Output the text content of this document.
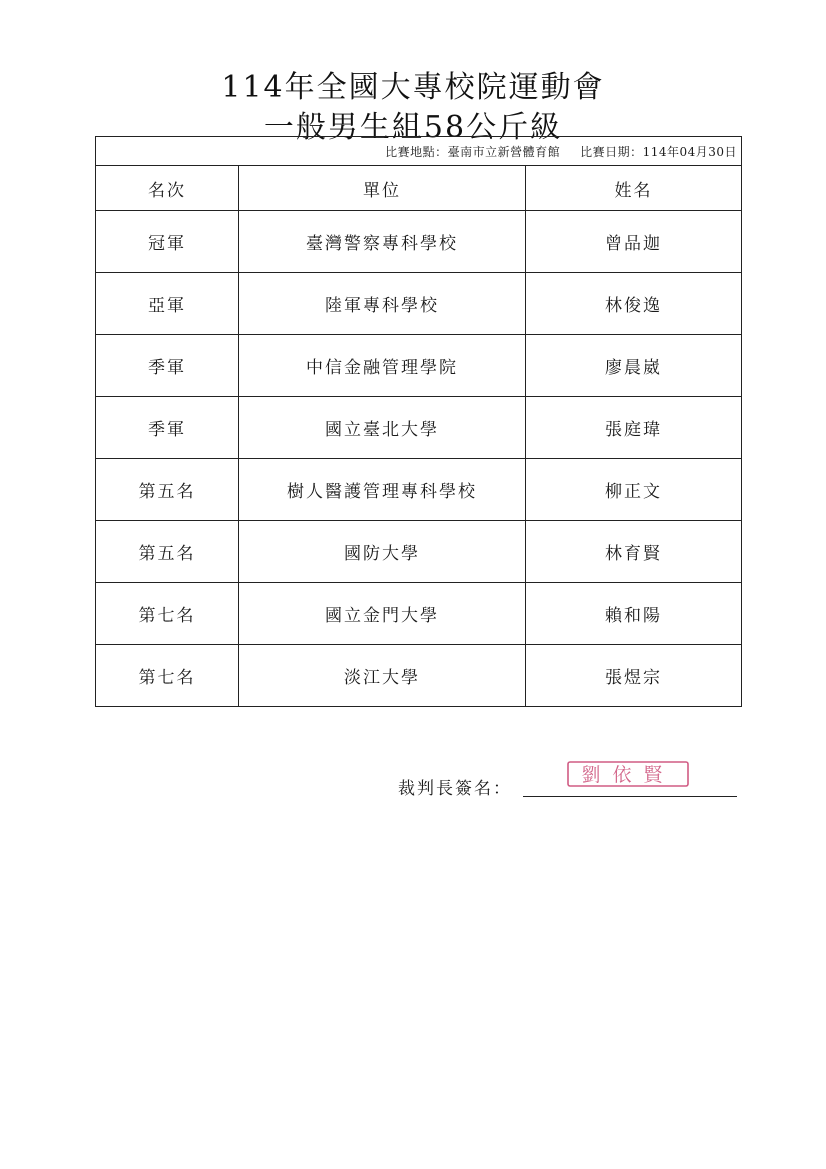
114年全國大專校院運動會
一般男生組58公斤級
比賽地點：臺南市立新營體育館 比賽日期：114年04月30日		
名次	單位	姓名
冠軍	臺灣警察專科學校	曾品迦
亞軍	陸軍專科學校	林俊逸
季軍	中信金融管理學院	廖晨崴
季軍	國立臺北大學	張庭瑋
第五名	樹人醫護管理專科學校	柳正文
第五名	國防大學	林育賢
第七名	國立金門大學	賴和陽
第七名	淡江大學	張煜宗
裁判長簽名：
劉依賢
